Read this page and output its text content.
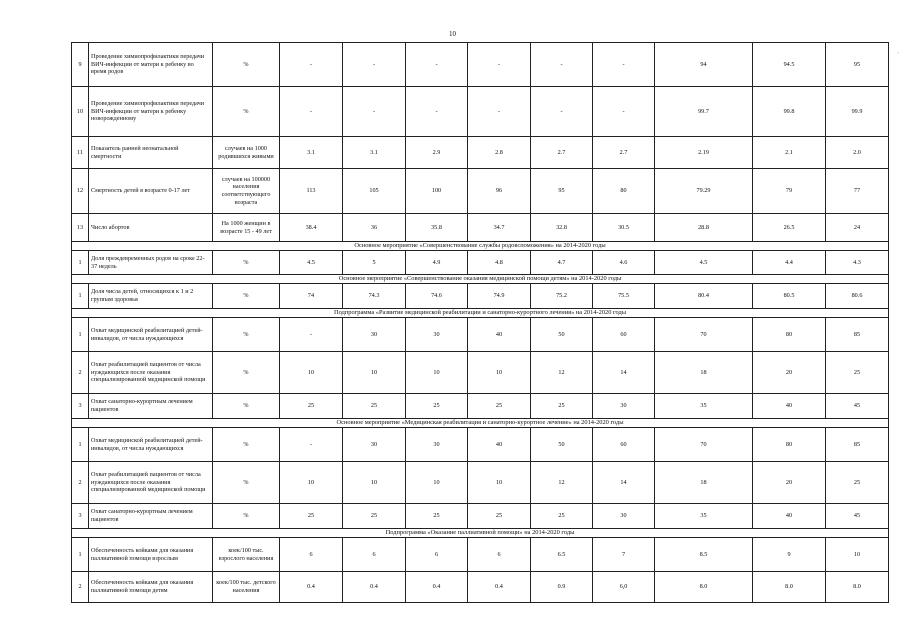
10
’
9	Проведение химиопрофилактики передачи ВИЧ-инфекции от матери к ребенку во время родов	%	-	-	-	-	-	-	94	94.5	95
10	Проведение химиопрофилактики передачи ВИЧ-инфекции от матери к ребенку новорожденному	%	-	-	-	-	-	-	99.7	99.8	99.9
11	Показатель ранней неонатальной смертности	случаев на 1000 родившихся живыми	3.1	3.1	2.9	2.8	2.7	2.7	2.19	2.1	2.0
12	Смертность детей в возрасте 0-17 лет	случаев на 100000 населения соответствующего возраста	113	105	100	96	95	80	79.29	79	77
13	Число абортов	На 1000 женщин в возрасте 15 - 49 лет	38.4	36	35.8	34.7	32.8	30.5	28.8	26.5	24
Основное мероприятие «Совершенствование службы родовспоможения» на 2014-2020 годы											
1	Доля преждевременных родов на сроке 22-37 недель	%	4.5	5	4.9	4.8	4.7	4.6	4.5	4.4	4.3
Основное мероприятие «Совершенствование оказания медицинской помощи детям» на 2014-2020 годы											
1	Доля числа детей, относящихся к 1 и 2 группам здоровья	%	74	74.3	74.6	74.9	75.2	75.5	80.4	80.5	80.6
Подпрограмма «Развитие медицинской реабилитации и санаторно-курортного лечения» на 2014-2020 годы											
1	Охват медицинской реабилитацией детей-инвалидов, от числа нуждающихся	%	-	30	30	40	50	60	70	80	85
2	Охват реабилитацией пациентов от числа нуждающихся после оказания специализированной медицинской помощи	%	10	10	10	10	12	14	18	20	25
3	Охват санаторно-курортным лечением пациентов	%	25	25	25	25	25	30	35	40	45
Основное мероприятие «Медицинская реабилитация и санаторно-курортное лечение» на 2014-2020 годы											
1	Охват медицинской реабилитацией детей-инвалидов, от числа нуждающихся	%	-	30	30	40	50	60	70	80	85
2	Охват реабилитацией пациентов от числа нуждающихся после оказания специализированной медицинской помощи	%	10	10	10	10	12	14	18	20	25
3	Охват санаторно-курортным лечением пациентов	%	25	25	25	25	25	30	35	40	45
Подпрограмма «Оказание паллиативной помощи» на 2014-2020 годы											
1	Обеспеченность койками для оказания паллиативной помощи взрослым	коек/100 тыс. взрослого населения	6	6	6	6	6.5	7	8.5	9	10
2	Обеспеченность койками для оказания паллиативной помощи детям	коек/100 тыс. детского населения	0.4	0.4	0.4	0.4	0.9	6,0	8.0	8.0	8.0
